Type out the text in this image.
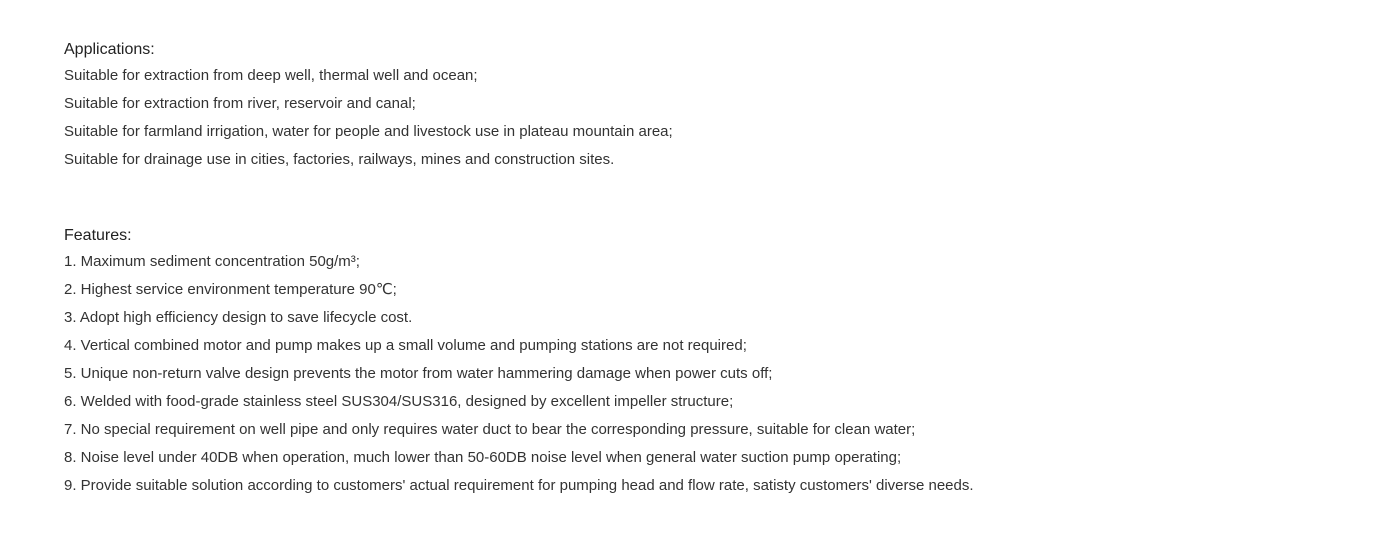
Applications:
Suitable for extraction from deep well, thermal well and ocean;
Suitable for extraction from river, reservoir and canal;
Suitable for farmland irrigation, water for people and livestock use in plateau mountain area;
Suitable for drainage use in cities, factories, railways, mines and construction sites.
Features:
1. Maximum sediment concentration 50g/m³;
2. Highest service environment temperature 90℃;
3. Adopt high efficiency design to save lifecycle cost.
4. Vertical combined motor and pump makes up a small volume and pumping stations are not required;
5. Unique non-return valve design prevents the motor from water hammering damage when power cuts off;
6. Welded with food-grade stainless steel SUS304/SUS316, designed by excellent impeller structure;
7. No special requirement on well pipe and only requires water duct to bear the corresponding pressure, suitable for clean water;
8. Noise level under 40DB when operation, much lower than 50-60DB noise level when general water suction pump operating;
9. Provide suitable solution according to customers' actual requirement for pumping head and flow rate, satisty customers' diverse needs.
